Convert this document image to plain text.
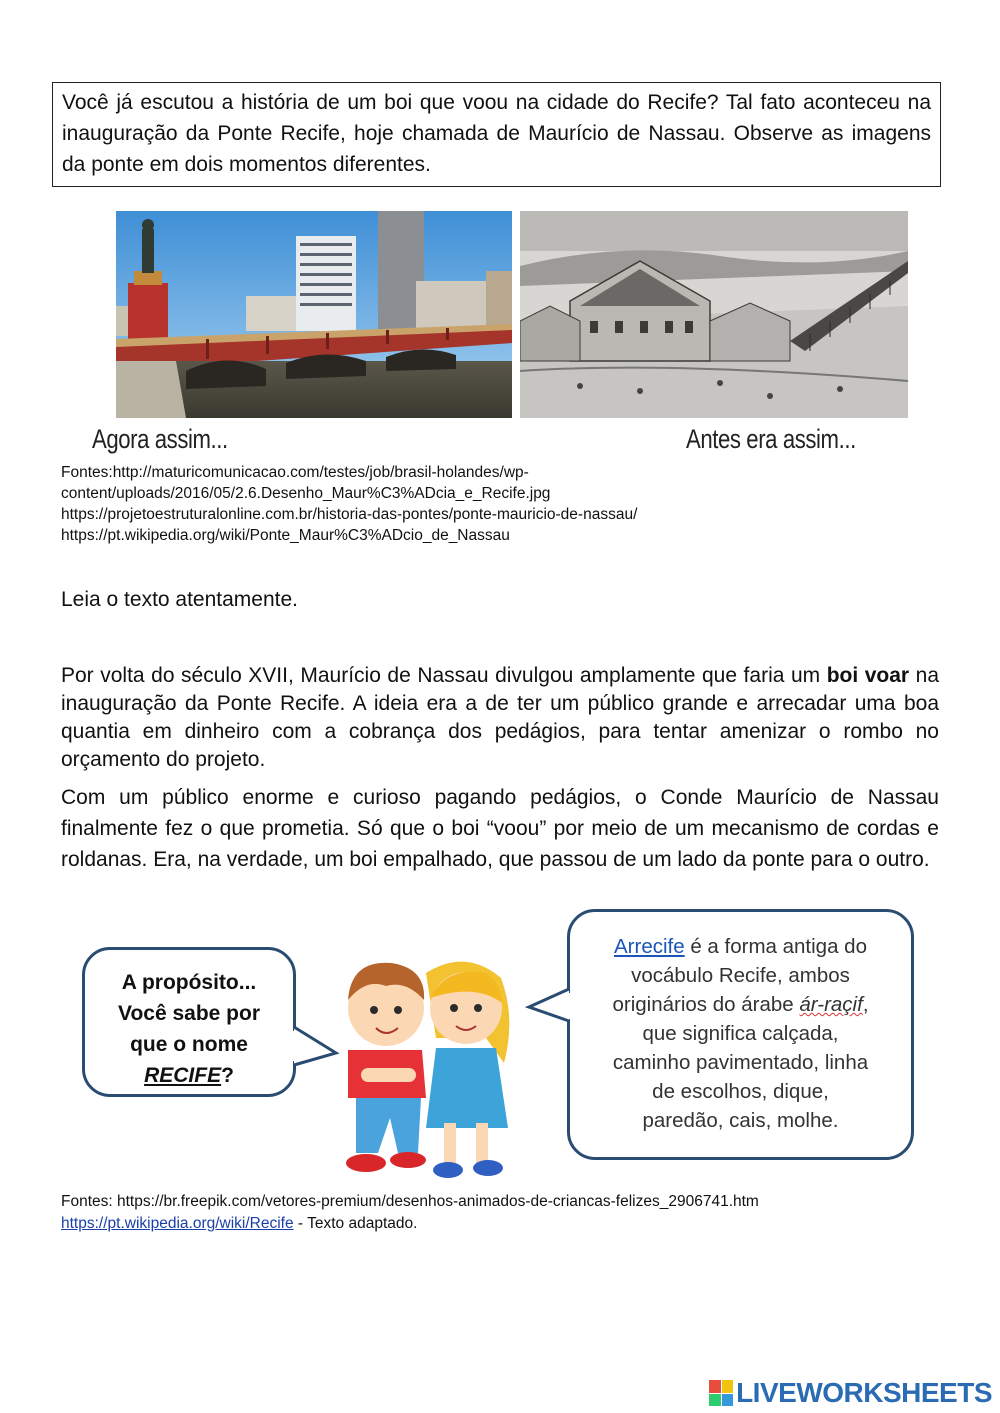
Você já escutou a história de um boi que voou na cidade do Recife? Tal fato aconteceu na inauguração da Ponte Recife, hoje chamada de Maurício de Nassau. Observe as imagens da ponte em dois momentos diferentes.
Agora assim...	Antes era assim...
Fontes:http://maturicomunicacao.com/testes/job/brasil-holandes/wp-
content/uploads/2016/05/2.6.Desenho_Maur%C3%ADcia_e_Recife.jpg
https://projetoestruturalonline.com.br/historia-das-pontes/ponte-mauricio-de-nassau/
https://pt.wikipedia.org/wiki/Ponte_Maur%C3%ADcio_de_Nassau
Leia o texto atentamente.

Por volta do século XVII, Maurício de Nassau divulgou amplamente que faria um boi voar na inauguração da Ponte Recife. A ideia era a de ter um público grande e arrecadar uma boa quantia em dinheiro com a cobrança dos pedágios, para tentar amenizar o rombo no orçamento do projeto.

Com um público enorme e curioso pagando pedágios, o Conde Maurício de Nassau finalmente fez o que prometia. Só que o boi “voou” por meio de um mecanismo de cordas e roldanas. Era, na verdade, um boi empalhado, que passou de um lado da ponte para o outro.

A propósito...
Você sabe por
que o nome
RECIFE?
Arrecife é a forma antiga do
vocábulo Recife, ambos
originários do árabe ár-raçif,
que significa calçada,
caminho pavimentado, linha
de escolhos, dique,
paredão, cais, molhe.
Fontes: https://br.freepik.com/vetores-premium/desenhos-animados-de-criancas-felizes_2906741.htm
https://pt.wikipedia.org/wiki/Recife - Texto adaptado.
LIVEWORKSHEETS
